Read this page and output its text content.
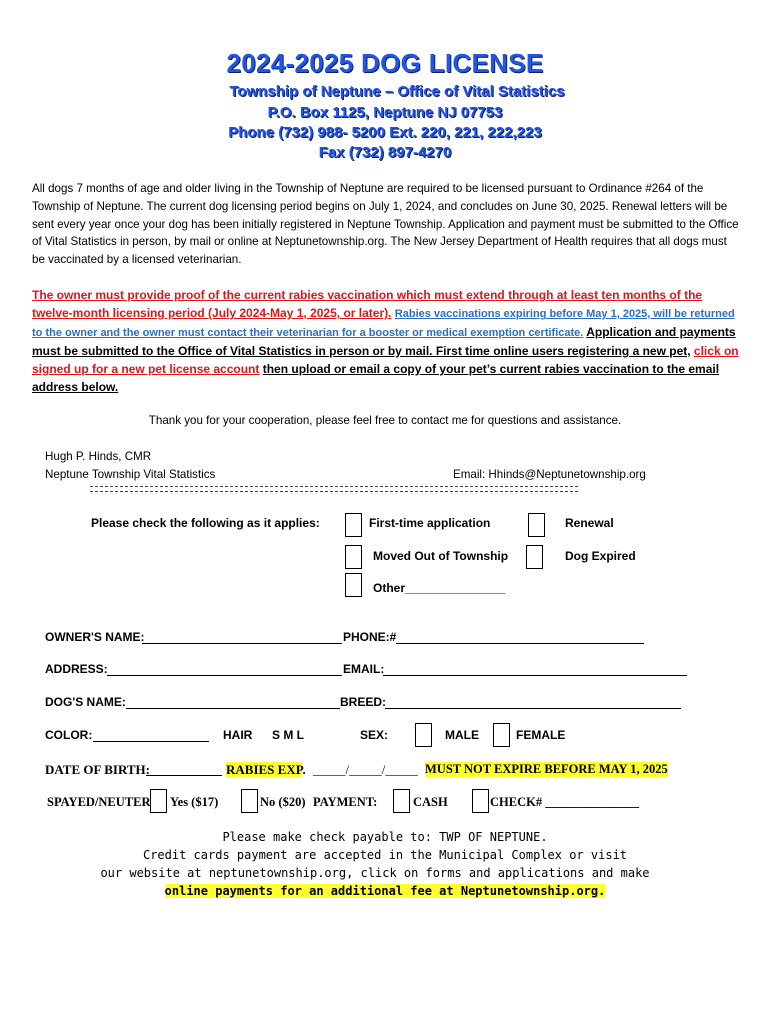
2024-2025 DOG LICENSE
Township of Neptune – Office of Vital Statistics
P.O. Box 1125, Neptune NJ 07753
Phone (732) 988- 5200 Ext. 220, 221, 222,223
Fax (732) 897-4270
All dogs 7 months of age and older living in the Township of Neptune are required to be licensed pursuant to Ordinance #264 of the Township of Neptune. The current dog licensing period begins on July 1, 2024, and concludes on June 30, 2025. Renewal letters will be sent every year once your dog has been initially registered in Neptune Township. Application and payment must be submitted to the Office of Vital Statistics in person, by mail or online at Neptunetownship.org. The New Jersey Department of Health requires that all dogs must be vaccinated by a licensed veterinarian.
The owner must provide proof of the current rabies vaccination which must extend through at least ten months of the twelve-month licensing period (July 2024-May 1, 2025, or later). Rabies vaccinations expiring before May 1, 2025, will be returned to the owner and the owner must contact their veterinarian for a booster or medical exemption certificate. Application and payments must be submitted to the Office of Vital Statistics in person or by mail. First time online users registering a new pet, click on signed up for a new pet license account then upload or email a copy of your pet’s current rabies vaccination to the email address below.
Thank you for your cooperation, please feel free to contact me for questions and assistance.
Hugh P. Hinds, CMR
Neptune Township Vital Statistics	Email: Hhinds@Neptunetownship.org
Please check the following as it applies:	First-time application	Renewal
Moved Out of Township	Dog Expired
Other_______________
OWNER'S NAME:	PHONE:#
ADDRESS:	EMAIL:
DOG'S NAME:	BREED:
COLOR:	HAIR S M L	SEX:	MALE	FEMALE
DATE OF BIRTH:	RABIES EXP. _____/_____/_____ MUST NOT EXPIRE BEFORE MAY 1, 2025
SPAYED/NEUTER Yes ($17)	No ($20) PAYMENT:	CASH	CHECK# _______________
Please make check payable to: TWP OF NEPTUNE.
Credit cards payment are accepted in the Municipal Complex or visit
our website at neptunetownship.org, click on forms and applications and make
online payments for an additional fee at Neptunetownship.org.
